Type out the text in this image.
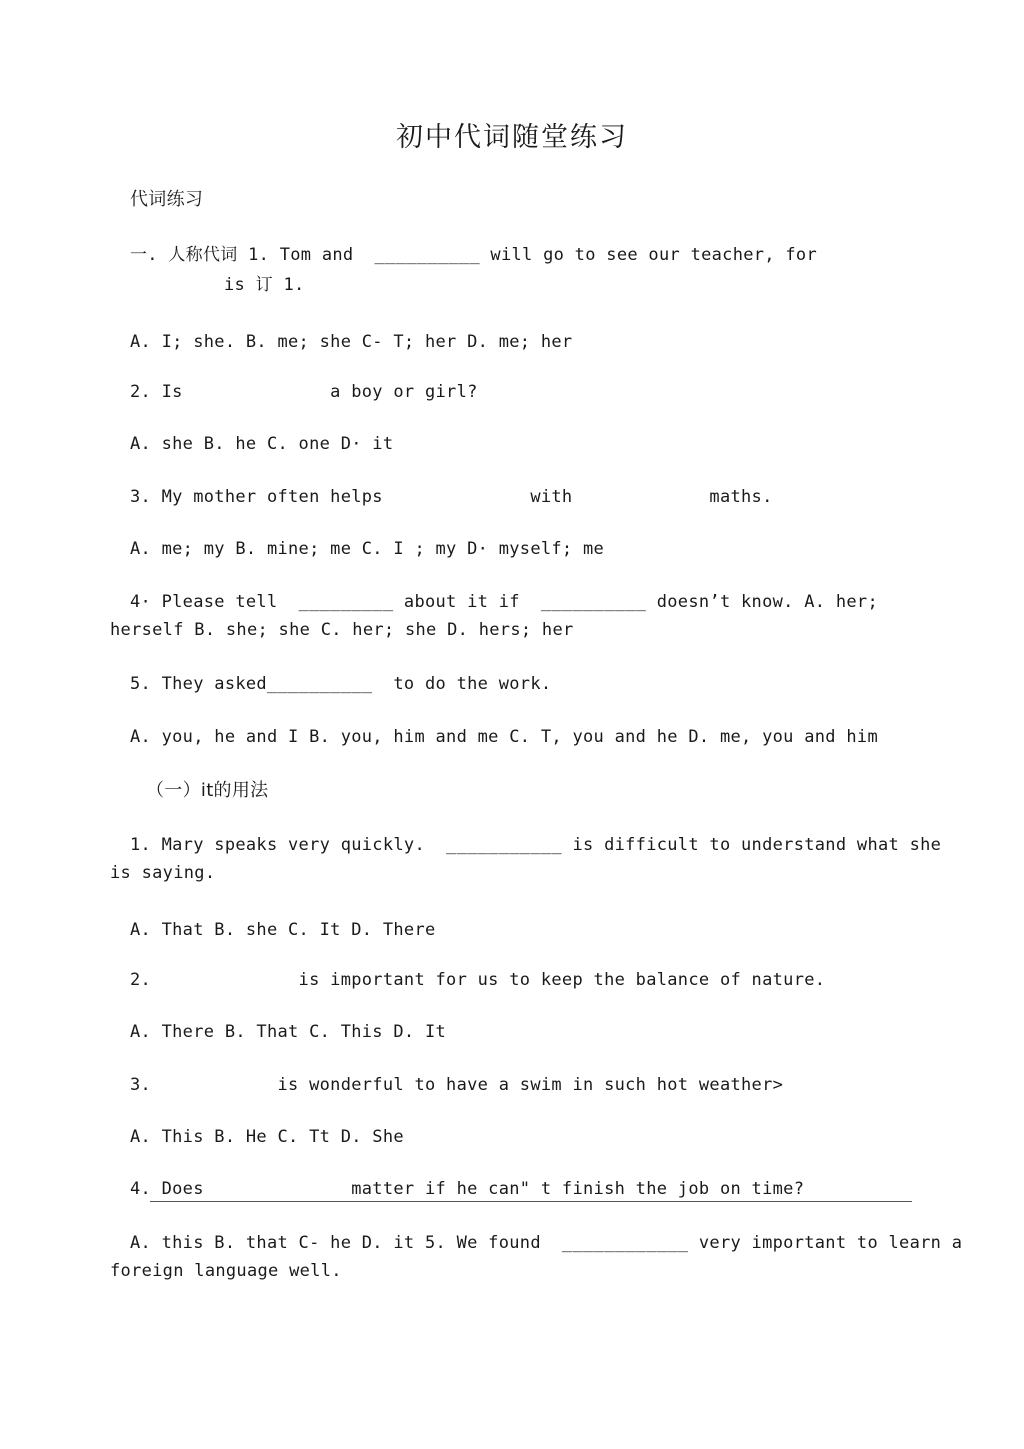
初中代词随堂练习
代词练习
一. 人称代词 1. Tom and  __________ will go to see our teacher, for
is 订 1.
A. I; she. B. me; she C- T; her D. me; her
2. Is              a boy or girl?
A. she B. he C. one D· it
3. My mother often helps              with             maths.
A. me; my B. mine; me C. I ; my D· myself; me
4· Please tell  _________ about it if  __________ doesn’t know. A. her;
herself B. she; she C. her; she D. hers; her
5. They asked__________  to do the work.
A. you, he and I B. you, him and me C. T, you and he D. me, you and him
（一）it的用法
1. Mary speaks very quickly.  ___________ is difficult to understand what she
is saying.
A. That B. she C. It D. There
2.              is important for us to keep the balance of nature.
A. There B. That C. This D. It
3.            is wonderful to have a swim in such hot weather>
A. This B. He C. Tt D. She
4. Does              matter if he can" t finish the job on time?
A. this B. that C- he D. it 5. We found  ____________ very important to learn a
foreign language well.
